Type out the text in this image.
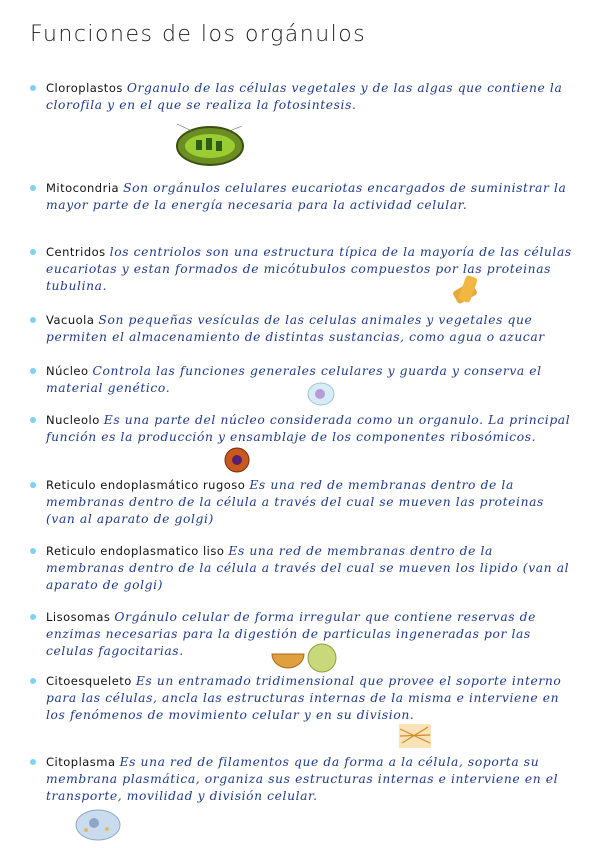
Funciones de los orgánulos
Cloroplastos Organulo de las células vegetales y de las algas que contiene la clorofila y en el que se realiza la fotosintesis.
Mitocondria Son orgánulos celulares eucariotas encargados de suministrar la mayor parte de la energía necesaria para la actividad celular.
Centridos los centriolos son una estructura típica de la mayoría de las células eucariotas y estan formados de micótubulos compuestos por las proteinas tubulina.
Vacuola Son pequeñas vesículas de las celulas animales y vegetales que permiten el almacenamiento de distintas sustancias, como agua o azucar
Núcleo Controla las funciones generales celulares y guarda y conserva el material genético.
Nucleolo Es una parte del núcleo considerada como un organulo. La principal función es la producción y ensamblaje de los componentes ribosómicos.
Reticulo endoplasmático rugoso Es una red de membranas dentro de la membranas dentro de la célula a través del cual se mueven las proteinas (van al aparato de golgi)
Reticulo endoplasmatico liso Es una red de membranas dentro de la membranas dentro de la célula a través del cual se mueven los lipido (van al aparato de golgi)
Lisosomas Orgánulo celular de forma irregular que contiene reservas de enzimas necesarias para la digestión de particulas ingeneradas por las celulas fagocitarias.
Citoesqueleto Es un entramado tridimensional que provee el soporte interno para las células, ancla las estructuras internas de la misma e interviene en los fenómenos de movimiento celular y en su division.
Citoplasma Es una red de filamentos que da forma a la célula, soporta su membrana plasmática, organiza sus estructuras internas e interviene en el transporte, movilidad y división celular.
